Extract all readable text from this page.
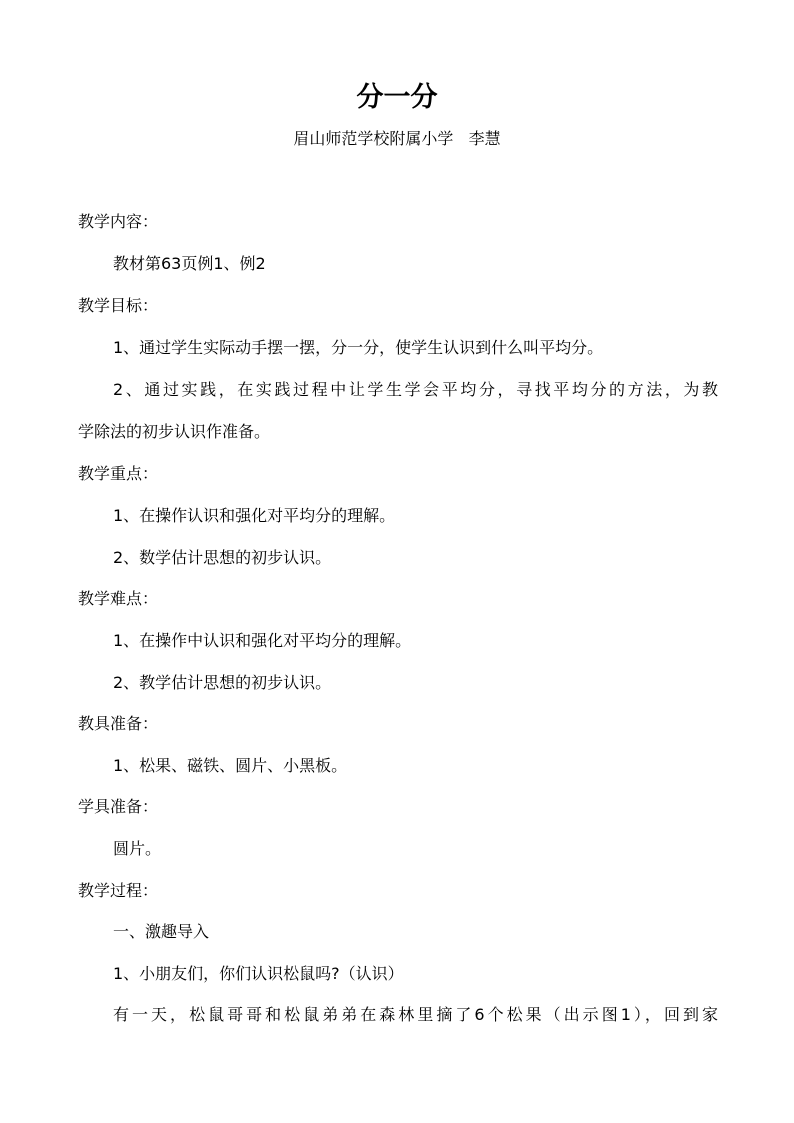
分一分
眉山师范学校附属小学   李慧
教学内容：
教材第63页例1、例2
教学目标：
1、通过学生实际动手摆一摆，分一分，使学生认识到什么叫平均分。
2、通过实践，在实践过程中让学生学会平均分，寻找平均分的方法，为教
学除法的初步认识作准备。
教学重点：
1、在操作认识和强化对平均分的理解。
2、数学估计思想的初步认识。
教学难点：
1、在操作中认识和强化对平均分的理解。
2、教学估计思想的初步认识。
教具准备：
1、松果、磁铁、圆片、小黑板。
学具准备：
圆片。
教学过程：
一、激趣导入
1、小朋友们，你们认识松鼠吗?（认识）
有一天，松鼠哥哥和松鼠弟弟在森林里摘了6个松果（出示图1），回到家
